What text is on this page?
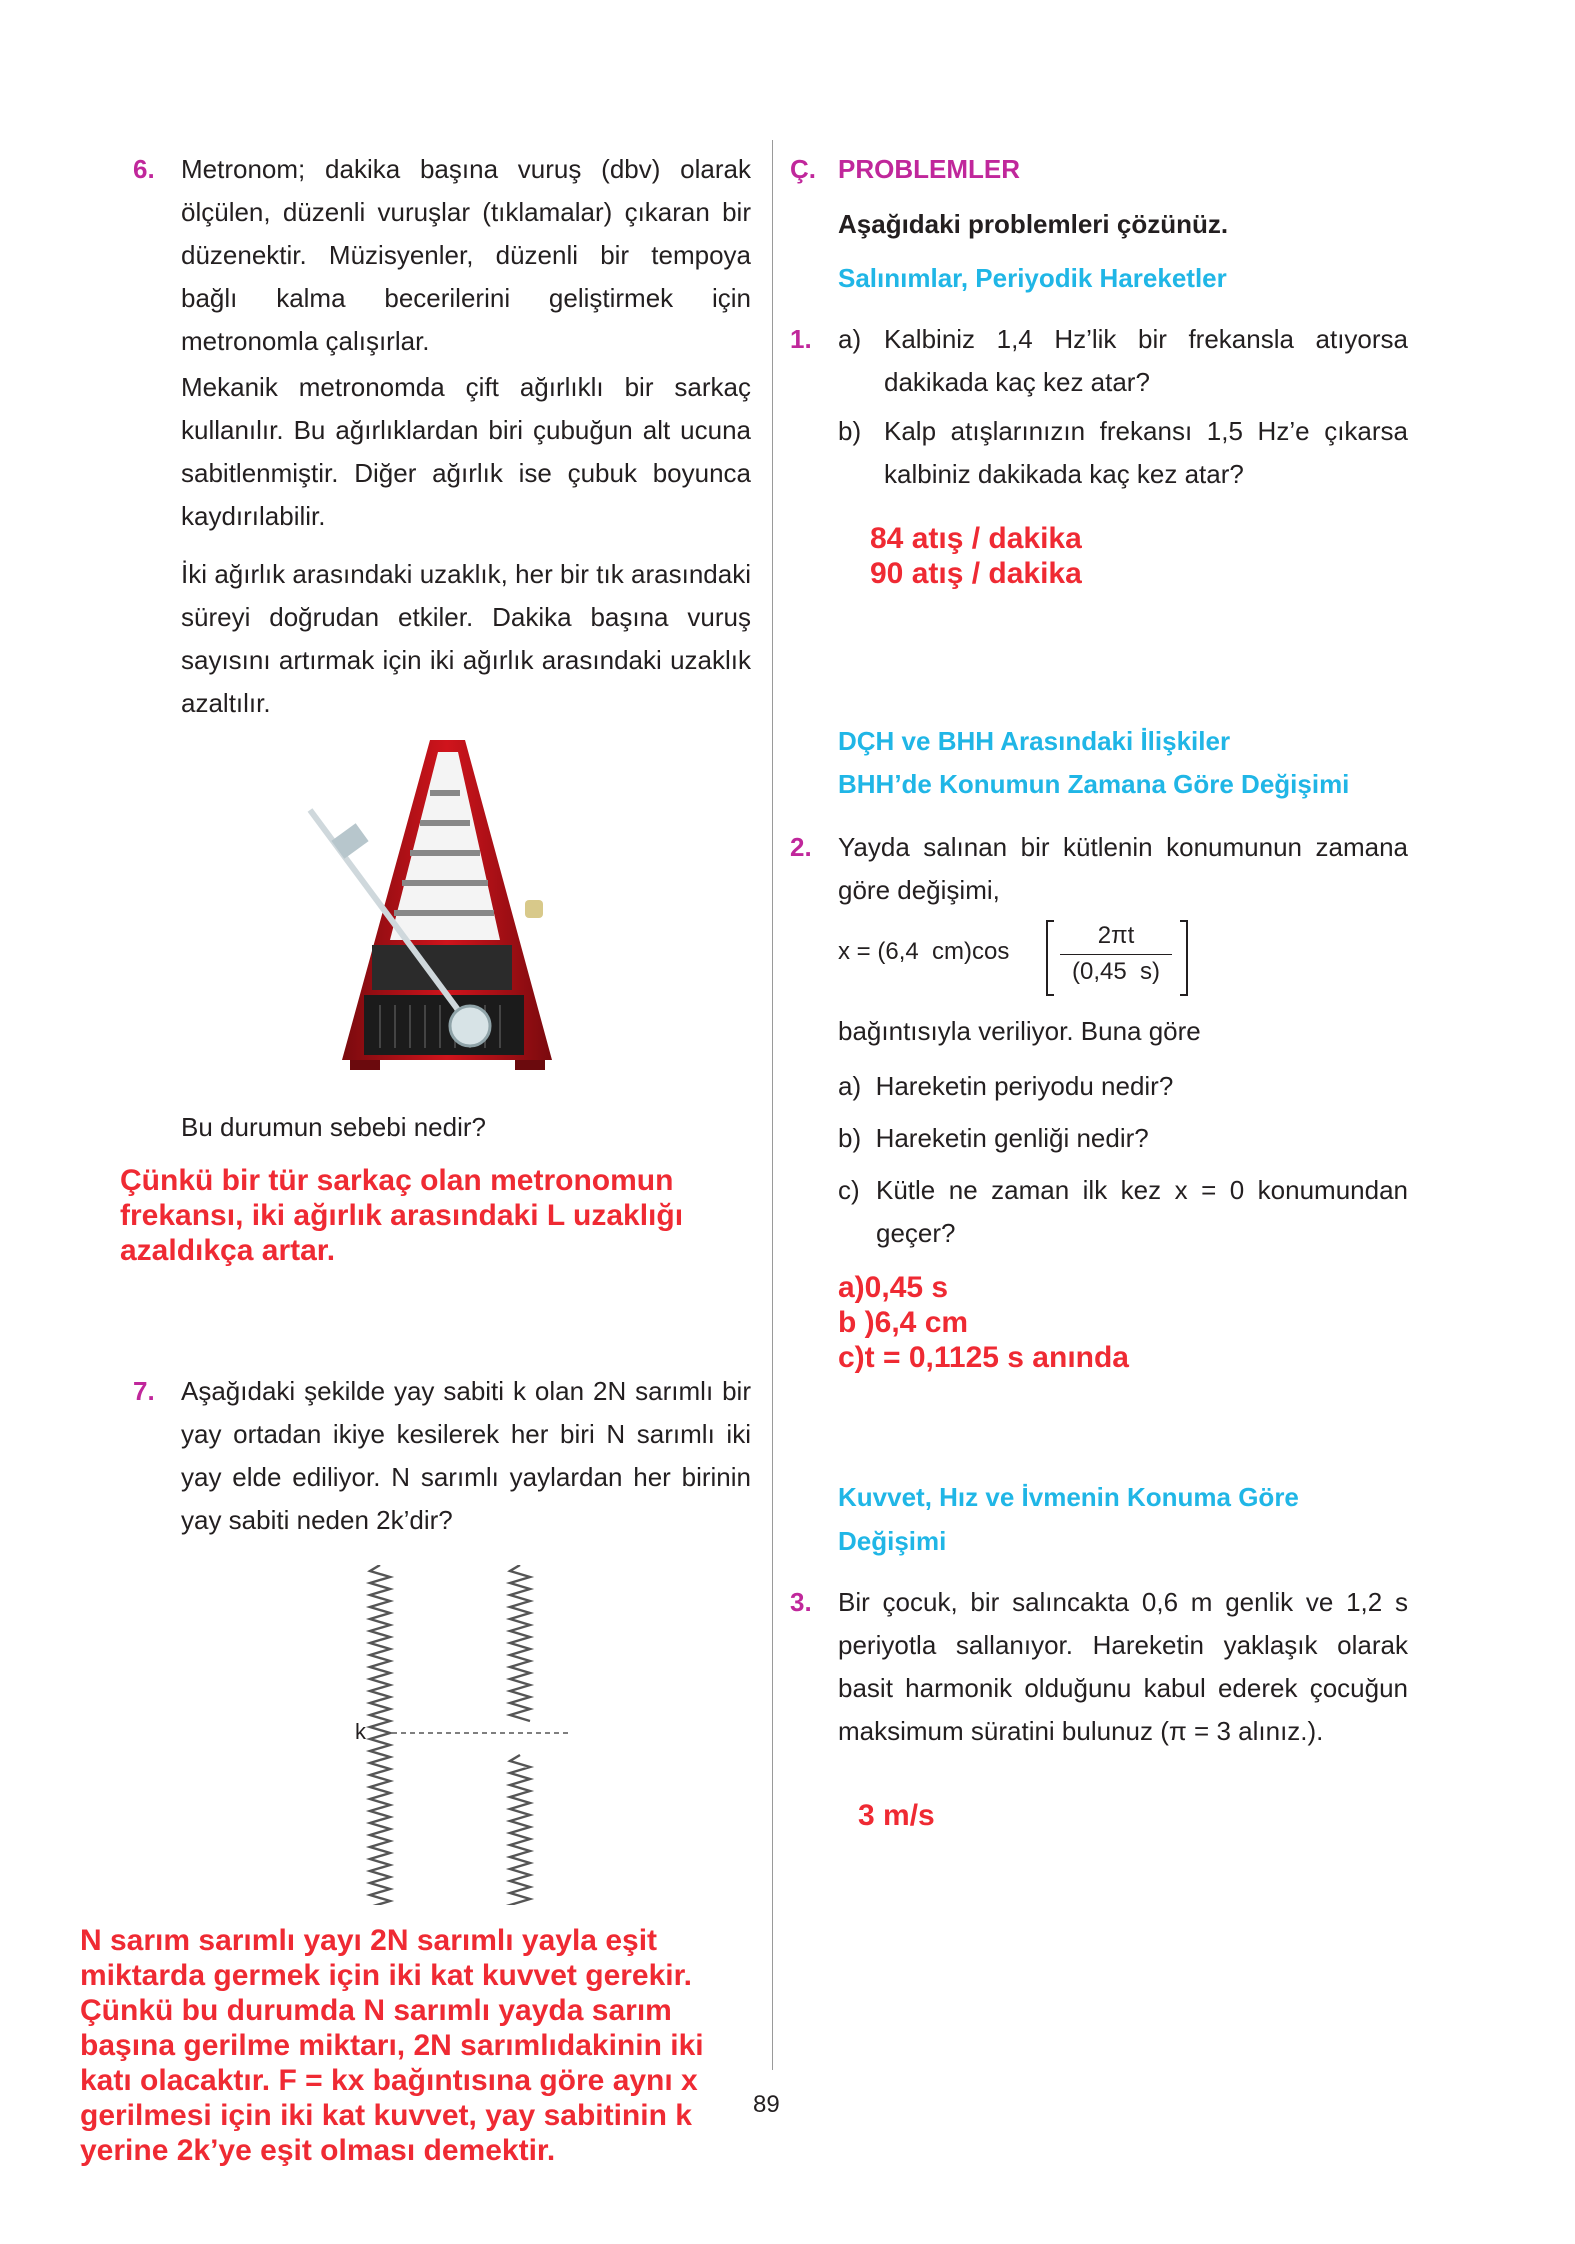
6. Metronom; dakika başına vuruş (dbv) olarak ölçülen, düzenli vuruşlar (tıklamalar) çıkaran bir düzenektir. Müzisyenler, düzenli bir tempoya bağlı kalma becerilerini geliştirmek için metronomla çalışırlar.

Mekanik metronomda çift ağırlıklı bir sarkaç kullanılır. Bu ağırlıklardan biri çubuğun alt ucuna sabitlenmiştir. Diğer ağırlık ise çubuk boyunca kaydırılabilir.

İki ağırlık arasındaki uzaklık, her bir tık arasındaki süreyi doğrudan etkiler. Dakika başına vuruş sayısını artırmak için iki ağırlık arasındaki uzaklık azaltılır.

Bu durumun sebebi nedir?
Çünkü bir tür sarkaç olan metronomun frekansı, iki ağırlık arasındaki L uzaklığı azaldıkça artar.
7. Aşağıdaki şekilde yay sabiti k olan 2N sarımlı bir yay ortadan ikiye kesilerek her biri N sarımlı iki yay elde ediliyor. N sarımlı yaylardan her birinin yay sabiti neden 2k’dir?

k
N sarım sarımlı yayı 2N sarımlı yayla eşit miktarda germek için iki kat kuvvet gerekir. Çünkü bu durumda N sarımlı yayda sarım başına gerilme miktarı, 2N sarımlıdakinin iki katı olacaktır. F = kx bağıntısına göre aynı x gerilmesi için iki kat kuvvet, yay sabitinin k yerine 2k’ye eşit olması demektir.
Ç. PROBLEMLER
Aşağıdaki problemleri çözünüz.
Salınımlar, Periyodik Hareketler
1. a) Kalbiniz 1,4 Hz’lik bir frekansla atıyorsa dakikada kaç kez atar?

b) Kalp atışlarınızın frekansı 1,5 Hz’e çıkarsa kalbiniz dakikada kaç kez atar?

84 atış / dakika
90 atış / dakika
DÇH ve BHH Arasındaki İlişkiler
BHH’de Konumun Zamana Göre Değişimi
2. Yayda salınan bir kütlenin konumunun zamana göre değişimi,

x = (6,4  cm)cos
2πt
(0,45  s)
bağıntısıyla veriliyor. Buna göre
a)  Hareketin periyodu nedir?
b)  Hareketin genliği nedir?
c) Kütle ne zaman ilk kez x = 0 konumundan geçer?

a)0,45 s
b )6,4 cm
c)t = 0,1125 s anında
Kuvvet, Hız ve İvmenin Konuma Göre
Değişimi
3. Bir çocuk, bir salıncakta 0,6 m genlik ve 1,2 s periyotla sallanıyor. Hareketin yaklaşık olarak basit harmonik olduğunu kabul ederek çocuğun maksimum süratini bulunuz (π = 3 alınız.).

3 m/s
89
